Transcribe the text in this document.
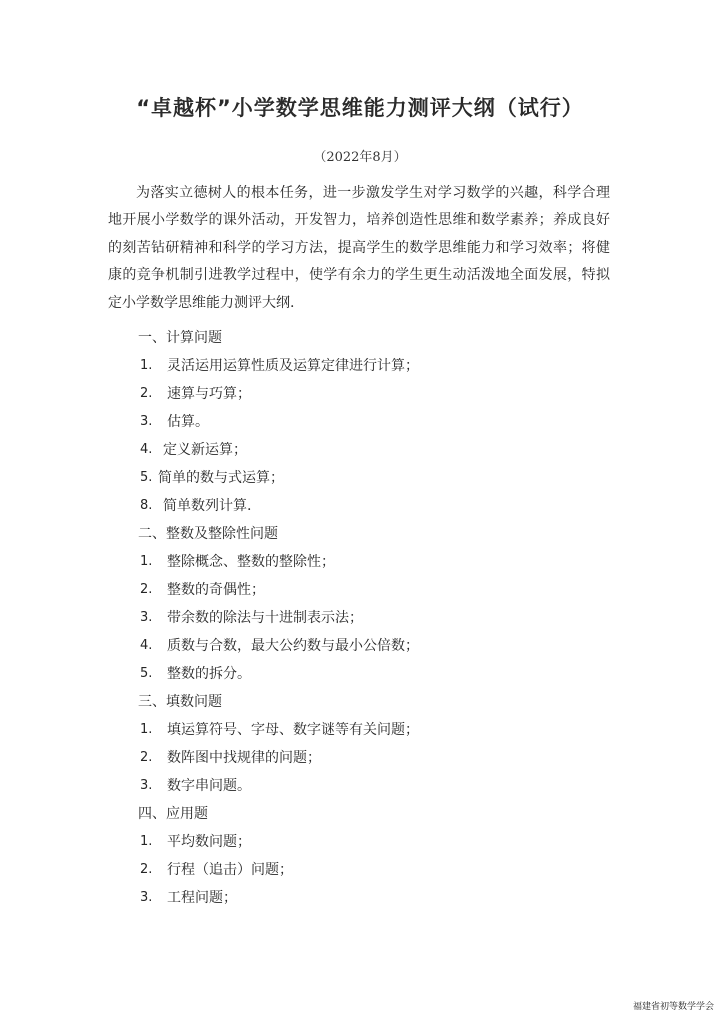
“卓越杯”小学数学思维能力测评大纲（试行）
（2022年8月）
为落实立德树人的根本任务，进一步激发学生对学习数学的兴趣，科学合理地开展小学数学的课外活动，开发智力，培养创造性思维和数学素养；养成良好的刻苦钻研精神和科学的学习方法，提高学生的数学思维能力和学习效率；将健康的竞争机制引进教学过程中，使学有余力的学生更生动活泼地全面发展，特拟定小学数学思维能力测评大纲.
一、计算问题
1.	灵活运用运算性质及运算定律进行计算；
2.	速算与巧算；
3.	估算。
4. 定义新运算；
5. 简单的数与式运算；
8. 简单数列计算.
二、整数及整除性问题
1.	整除概念、整数的整除性；
2.	整数的奇偶性；
3.	带余数的除法与十进制表示法；
4.	质数与合数，最大公约数与最小公倍数；
5.	整数的拆分。
三、填数问题
1.	填运算符号、字母、数字谜等有关问题；
2.	数阵图中找规律的问题；
3.	数字串问题。
四、应用题
1.	平均数问题；
2.	行程（追击）问题；
3.	工程问题；
福建省初等数学学会
